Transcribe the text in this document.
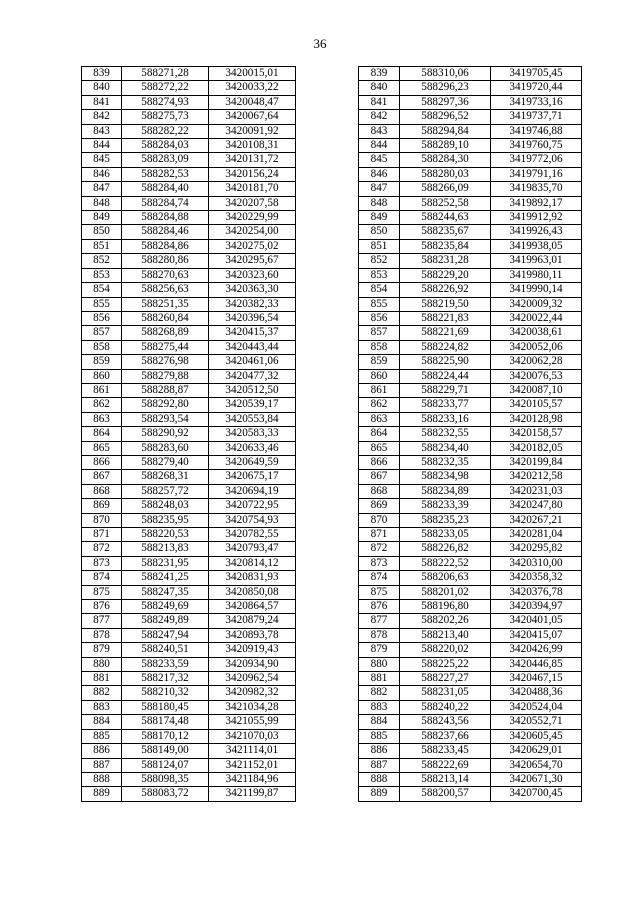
36
839	588271,28	3420015,01
840	588272,22	3420033,22
841	588274,93	3420048,47
842	588275,73	3420067,64
843	588282,22	3420091,92
844	588284,03	3420108,31
845	588283,09	3420131,72
846	588282,53	3420156,24
847	588284,40	3420181,70
848	588284,74	3420207,58
849	588284,88	3420229,99
850	588284,46	3420254,00
851	588284,86	3420275,02
852	588280,86	3420295,67
853	588270,63	3420323,60
854	588256,63	3420363,30
855	588251,35	3420382,33
856	588260,84	3420396,54
857	588268,89	3420415,37
858	588275,44	3420443,44
859	588276,98	3420461,06
860	588279,88	3420477,32
861	588288,87	3420512,50
862	588292,80	3420539,17
863	588293,54	3420553,84
864	588290,92	3420583,33
865	588283,60	3420633,46
866	588279,40	3420649,59
867	588268,31	3420675,17
868	588257,72	3420694,19
869	588248,03	3420722,95
870	588235,95	3420754,93
871	588220,53	3420782,55
872	588213,83	3420793,47
873	588231,95	3420814,12
874	588241,25	3420831,93
875	588247,35	3420850,08
876	588249,69	3420864,57
877	588249,89	3420879,24
878	588247,94	3420893,78
879	588240,51	3420919,43
880	588233,59	3420934,90
881	588217,32	3420962,54
882	588210,32	3420982,32
883	588180,45	3421034,28
884	588174,48	3421055,99
885	588170,12	3421070,03
886	588149,00	3421114,01
887	588124,07	3421152,01
888	588098,35	3421184,96
889	588083,72	3421199,87
839	588310,06	3419705,45
840	588296,23	3419720,44
841	588297,36	3419733,16
842	588296,52	3419737,71
843	588294,84	3419746,88
844	588289,10	3419760,75
845	588284,30	3419772,06
846	588280,03	3419791,16
847	588266,09	3419835,70
848	588252,58	3419892,17
849	588244,63	3419912,92
850	588235,67	3419926,43
851	588235,84	3419938,05
852	588231,28	3419963,01
853	588229,20	3419980,11
854	588226,92	3419990,14
855	588219,50	3420009,32
856	588221,83	3420022,44
857	588221,69	3420038,61
858	588224,82	3420052,06
859	588225,90	3420062,28
860	588224,44	3420076,53
861	588229,71	3420087,10
862	588233,77	3420105,57
863	588233,16	3420128,98
864	588232,55	3420158,57
865	588234,40	3420182,05
866	588232,35	3420199,84
867	588234,98	3420212,58
868	588234,89	3420231,03
869	588233,39	3420247,80
870	588235,23	3420267,21
871	588233,05	3420281,04
872	588226,82	3420295,82
873	588222,52	3420310,00
874	588206,63	3420358,32
875	588201,02	3420376,78
876	588196,80	3420394,97
877	588202,26	3420401,05
878	588213,40	3420415,07
879	588220,02	3420426,99
880	588225,22	3420446,85
881	588227,27	3420467,15
882	588231,05	3420488,36
883	588240,22	3420524,04
884	588243,56	3420552,71
885	588237,66	3420605,45
886	588233,45	3420629,01
887	588222,69	3420654,70
888	588213,14	3420671,30
889	588200,57	3420700,45
